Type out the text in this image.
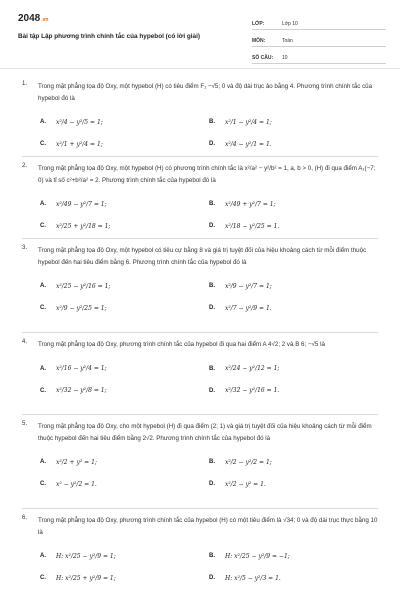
2048.vn
Bài tập Lập phương trình chính tắc của hypebol (có lời giải)
LỚP:	Lớp 10
MÔN:	Toán
SỐ CÂU:	10
1.	Trong mặt phẳng tọa độ Oxy, một hypebol (H) có tiêu điểm F₁ −√5; 0 và độ dài trục ảo bằng 4. Phương trình chính tắc của hypebol đó là
A. x²/4 − y²/5 = 1;	B. x²/1 − y²/4 = 1;
C. x²/1 + y²/4 = 1;	D. x²/4 − y²/1 = 1.
2.	Trong mặt phẳng tọa độ Oxy, một hypebol (H) có phương trình chính tắc là x²/a² − y²/b² = 1, a, b > 0, (H) đi qua điểm A₁(−7; 0) và tỉ số c²+b²/a² = 2. Phương trình chính tắc của hypebol đó là
A. x²/49 − y²/7 = 1;	B. x²/49 + y²/7 = 1;
C. x²/25 + y²/18 = 1;	D. x²/18 − y²/25 = 1.
3.	Trong mặt phẳng tọa độ Oxy, một hypebol có tiêu cự bằng 8 và giá trị tuyệt đối của hiệu khoảng cách từ mỗi điểm thuộc hypebol đến hai tiêu điểm bằng 6. Phương trình chính tắc của hypebol đó là
A. x²/25 − y²/16 = 1;	B. x²/9 − y²/7 = 1;
C. x²/9 − y²/25 = 1;	D. x²/7 − y²/9 = 1.
4.	Trong mặt phẳng tọa độ Oxy, phương trình chính tắc của hypebol đi qua hai điểm A 4√2; 2 và B 6; −√5 là
A. x²/16 − y²/4 = 1;	B. x²/24 − y²/12 = 1;
C. x²/32 − y²/8 = 1;	D. x²/32 − y²/16 = 1.
5.	Trong mặt phẳng tọa độ Oxy, cho một hypebol (H) đi qua điểm (2; 1) và giá trị tuyệt đối của hiệu khoảng cách từ mỗi điểm thuộc hypebol đến hai tiêu điểm bằng 2√2. Phương trình chính tắc của hypebol đó là
A. x²/2 + y² = 1;	B. x²/2 − y²/2 = 1;
C. x² − y²/2 = 1.	D. x²/2 − y² = 1.
6.	Trong mặt phẳng tọa độ Oxy, phương trình chính tắc của hypebol (H) có một tiêu điểm là √34; 0 và độ dài trục thực bằng 10 là
A. H: x²/25 − y²/9 = 1;	B. H: x²/25 − y²/9 = −1;
C. H: x²/25 + y²/9 = 1;	D. H: x²/5 − y²/3 = 1.
